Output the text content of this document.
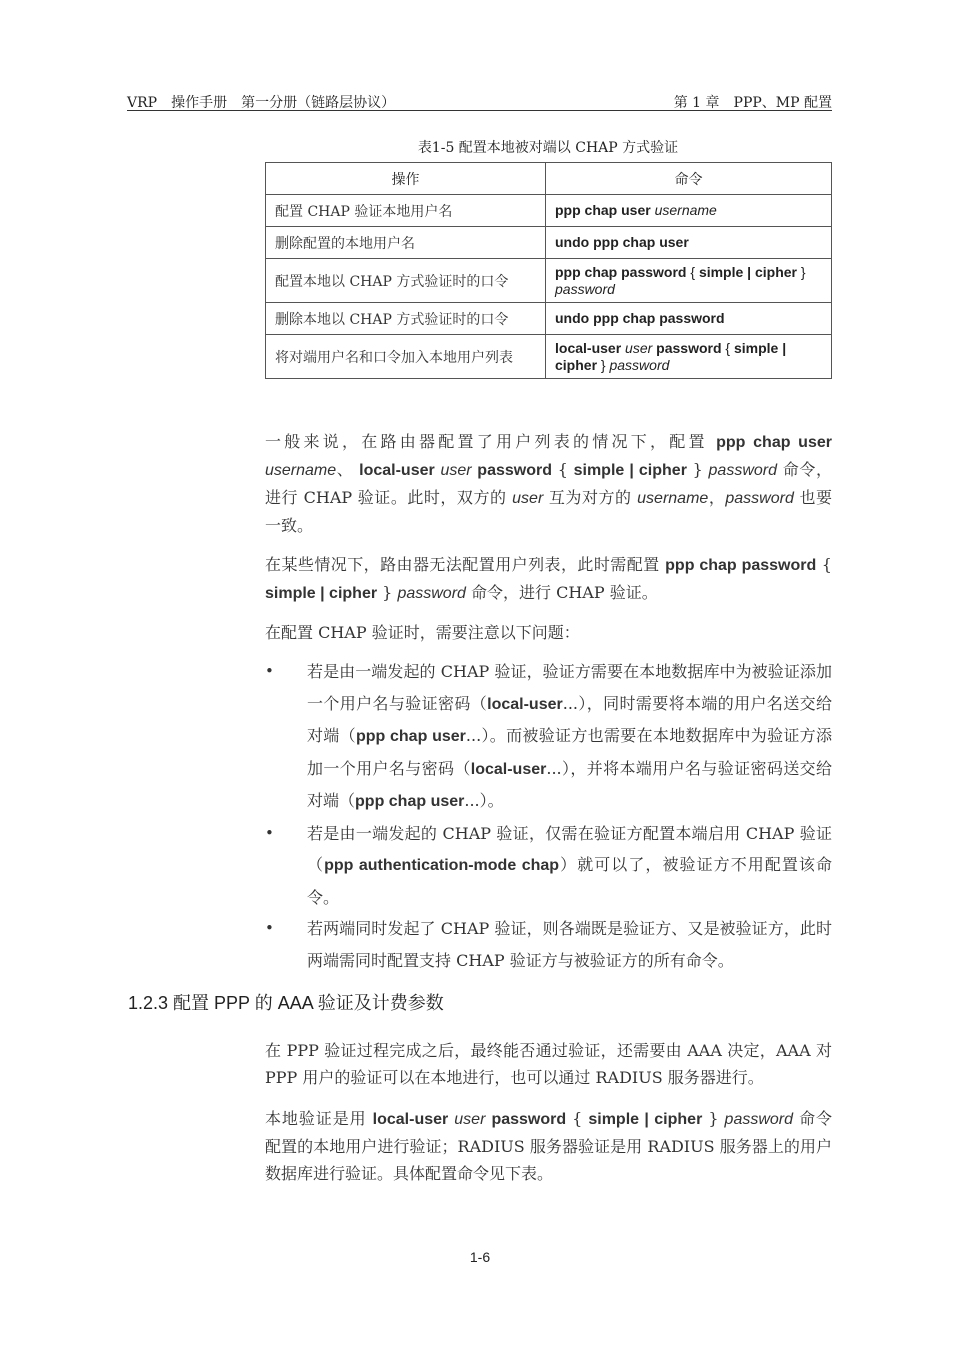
VRP　操作手册　第一分册（链路层协议）	第 1 章　PPP、MP 配置
表1-5 配置本地被对端以 CHAP 方式验证
操作	命令
配置 CHAP 验证本地用户名	ppp chap user username
删除配置的本地用户名	undo ppp chap user
配置本地以 CHAP 方式验证时的口令	ppp chap password { simple | cipher }
password
删除本地以 CHAP 方式验证时的口令	undo ppp chap password
将对端用户名和口令加入本地用户列表	local-user user password { simple | cipher } password
一般来说，在路由器配置了用户列表的情况下，配置 ppp chap user username、 local-user user password { simple | cipher } password 命令，进行 CHAP 验证。此时，双方的 user 互为对方的 username，password 也要一致。
在某些情况下，路由器无法配置用户列表，此时需配置 ppp chap password { simple | cipher } password 命令，进行 CHAP 验证。
在配置 CHAP 验证时，需要注意以下问题：
• 若是由一端发起的 CHAP 验证，验证方需要在本地数据库中为被验证添加一个用户名与验证密码（local-user...），同时需要将本端的用户名送交给对端（ppp chap user...）。而被验证方也需要在本地数据库中为验证方添加一个用户名与密码（local-user...），并将本端用户名与验证密码送交给对端（ppp chap user...）。
• 若是由一端发起的 CHAP 验证，仅需在验证方配置本端启用 CHAP 验证（ppp authentication-mode chap）就可以了，被验证方不用配置该命令。
• 若两端同时发起了 CHAP 验证，则各端既是验证方、又是被验证方，此时两端需同时配置支持 CHAP 验证方与被验证方的所有命令。
1.2.3 配置 PPP 的 AAA 验证及计费参数
在 PPP 验证过程完成之后，最终能否通过验证，还需要由 AAA 决定，AAA 对 PPP 用户的验证可以在本地进行，也可以通过 RADIUS 服务器进行。
本地验证是用 local-user user password { simple | cipher } password 命令配置的本地用户进行验证；RADIUS 服务器验证是用 RADIUS 服务器上的用户数据库进行验证。具体配置命令见下表。
1-6
